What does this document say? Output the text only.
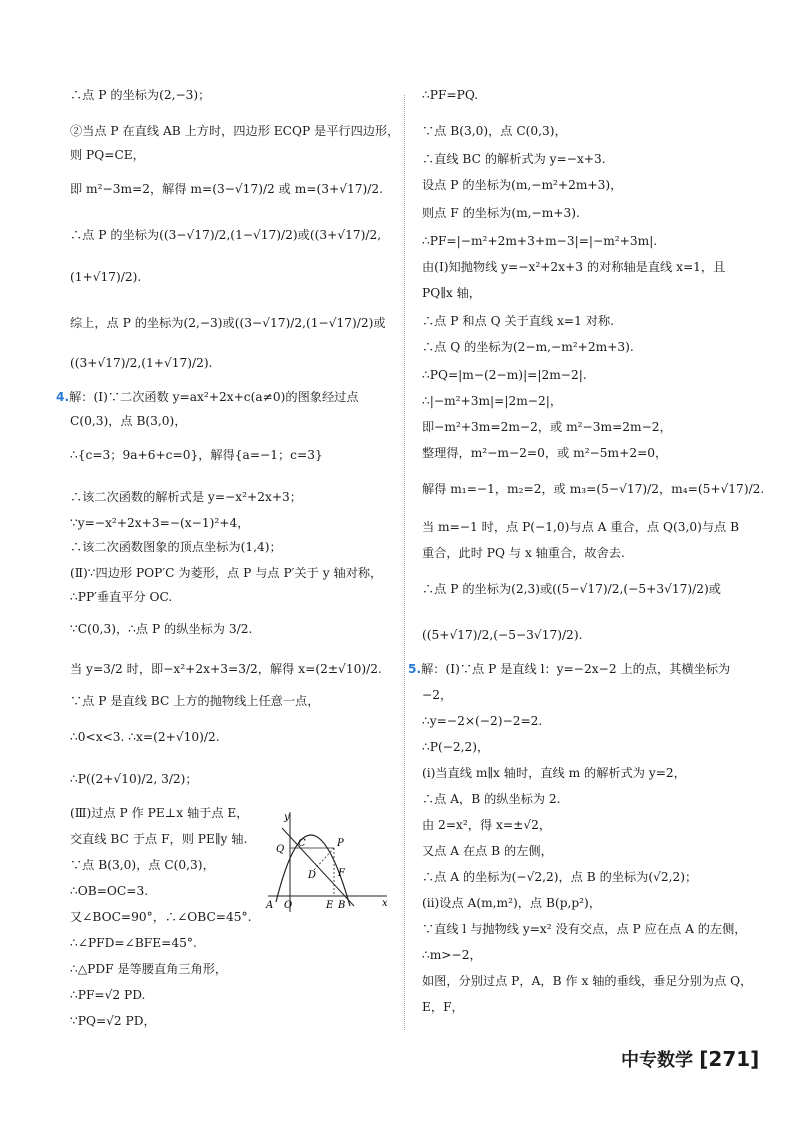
∴点 P 的坐标为(2,−3)；
②当点 P 在直线 AB 上方时，四边形 ECQP 是平行四边形，
则 PQ=CE，
即 m²−3m=2，解得 m=(3−√17)/2 或 m=(3+√17)/2.
∴点 P 的坐标为((3−√17)/2,(1−√17)/2)或((3+√17)/2,
(1+√17)/2).
综上，点 P 的坐标为(2,−3)或((3−√17)/2,(1−√17)/2)或
((3+√17)/2,(1+√17)/2).
4.解：(Ⅰ)∵二次函数 y=ax²+2x+c(a≠0)的图象经过点
C(0,3)，点 B(3,0)，
∴{c=3；9a+6+c=0}，解得{a=−1；c=3}
∴该二次函数的解析式是 y=−x²+2x+3；
∵y=−x²+2x+3=−(x−1)²+4，
∴该二次函数图象的顶点坐标为(1,4)；
(Ⅱ)∵四边形 POP′C 为菱形，点 P 与点 P′关于 y 轴对称，
∴PP′垂直平分 OC.
∵C(0,3)，∴点 P 的纵坐标为 3/2.
当 y=3/2 时，即−x²+2x+3=3/2，解得 x=(2±√10)/2.
∵点 P 是直线 BC 上方的抛物线上任意一点，
∴0<x<3. ∴x=(2+√10)/2.
∴P((2+√10)/2, 3/2)；
(Ⅲ)过点 P 作 PE⊥x 轴于点 E，
交直线 BC 于点 F，则 PE∥y 轴.
∵点 B(3,0)，点 C(0,3)，
∴OB=OC=3.
又∠BOC=90°，∴∠OBC=45°.
∴∠PFD=∠BFE=45°.
∴△PDF 是等腰直角三角形，
∴PF=√2 PD.
∵PQ=√2 PD，
∴PF=PQ.
∵点 B(3,0)，点 C(0,3)，
∴直线 BC 的解析式为 y=−x+3.
设点 P 的坐标为(m,−m²+2m+3)，
则点 F 的坐标为(m,−m+3).
∴PF=|−m²+2m+3+m−3|=|−m²+3m|.
由(Ⅰ)知抛物线 y=−x²+2x+3 的对称轴是直线 x=1，且
PQ∥x 轴，
∴点 P 和点 Q 关于直线 x=1 对称.
∴点 Q 的坐标为(2−m,−m²+2m+3).
∴PQ=|m−(2−m)|=|2m−2|.
∴|−m²+3m|=|2m−2|，
即−m²+3m=2m−2，或 m²−3m=2m−2，
整理得，m²−m−2=0，或 m²−5m+2=0，
解得 m₁=−1，m₂=2，或 m₃=(5−√17)/2，m₄=(5+√17)/2.
当 m=−1 时，点 P(−1,0)与点 A 重合，点 Q(3,0)与点 B
重合，此时 PQ 与 x 轴重合，故舍去.
∴点 P 的坐标为(2,3)或((5−√17)/2,(−5+3√17)/2)或
((5+√17)/2,(−5−3√17)/2).
5.解：(Ⅰ)∵点 P 是直线 l：y=−2x−2 上的点，其横坐标为
−2，
∴y=−2×(−2)−2=2.
∴P(−2,2)，
(ⅰ)当直线 m∥x 轴时，直线 m 的解析式为 y=2，
∴点 A，B 的纵坐标为 2.
由 2=x²，得 x=±√2，
又点 A 在点 B 的左侧，
∴点 A 的坐标为(−√2,2)，点 B 的坐标为(√2,2)；
(ⅱ)设点 A(m,m²)，点 B(p,p²)，
∵直线 l 与抛物线 y=x² 没有交点，点 P 应在点 A 的左侧，
∴m>−2，
如图，分别过点 P，A，B 作 x 轴的垂线，垂足分别为点 Q，
E，F，
y
x
Q
C	P
D F
A O	E B
中专数学 [271]
